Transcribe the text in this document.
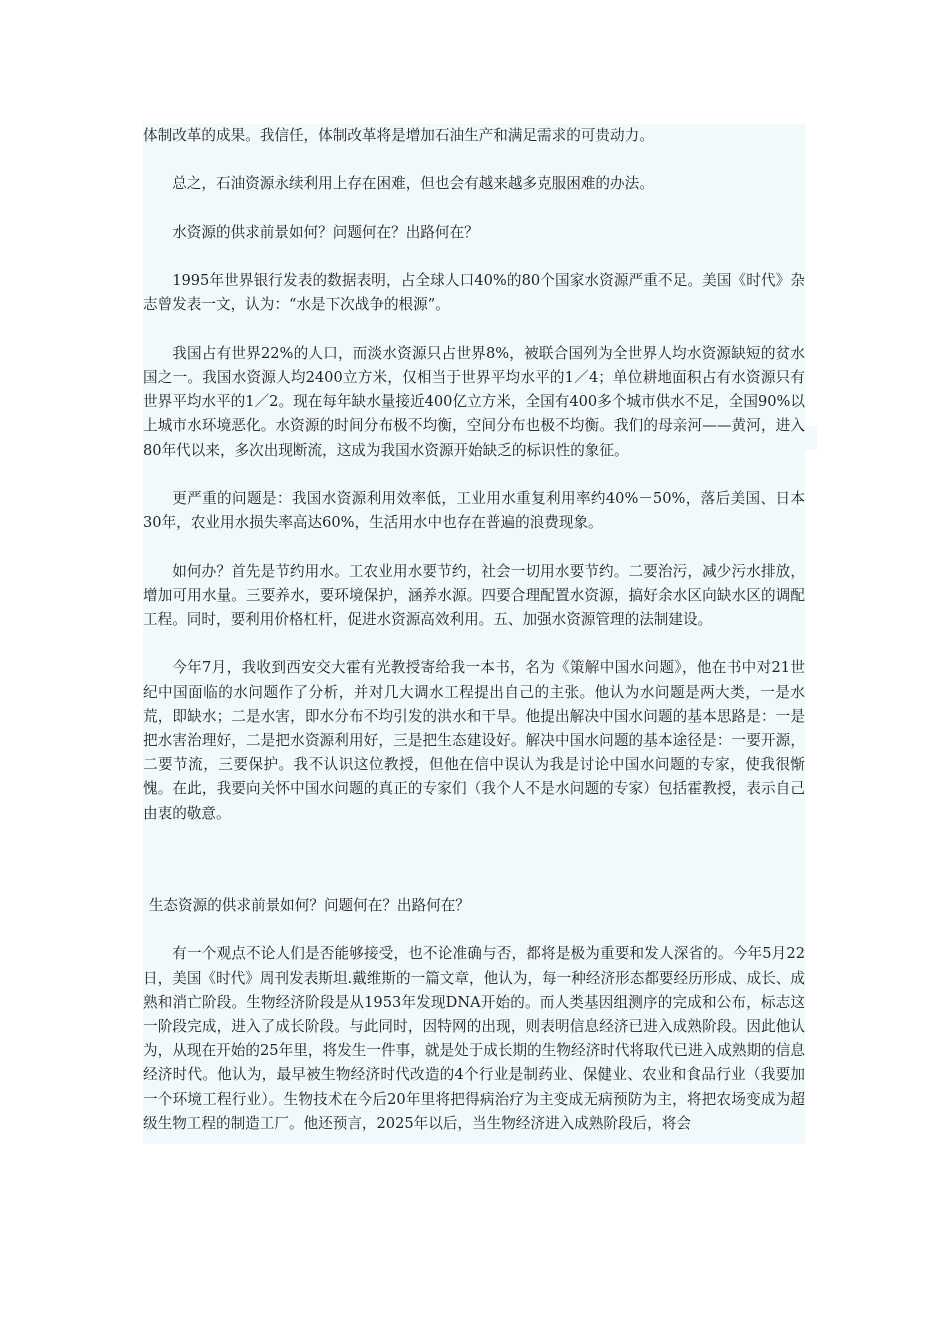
体制改革的成果。我信任，体制改革将是增加石油生产和满足需求的可贵动力。

总之，石油资源永续利用上存在困难，但也会有越来越多克服困难的办法。

水资源的供求前景如何？问题何在？出路何在？

1995年世界银行发表的数据表明，占全球人口40%的80个国家水资源严重不足。美国《时代》杂志曾发表一文，认为：“水是下次战争的根源”。

我国占有世界22%的人口，而淡水资源只占世界8%，被联合国列为全世界人均水资源缺短的贫水国之一。我国水资源人均2400立方米，仅相当于世界平均水平的1／4；单位耕地面积占有水资源只有世界平均水平的1／2。现在每年缺水量接近400亿立方米，全国有400多个城市供水不足，全国90%以上城市水环境恶化。水资源的时间分布极不均衡，空间分布也极不均衡。我们的母亲河——黄河，进入80年代以来，多次出现断流，这成为我国水资源开始缺乏的标识性的象征。

更严重的问题是：我国水资源利用效率低，工业用水重复利用率约40%－50%，落后美国、日本30年，农业用水损失率高达60%，生活用水中也存在普遍的浪费现象。

如何办？首先是节约用水。工农业用水要节约，社会一切用水要节约。二要治污，减少污水排放，增加可用水量。三要养水，要环境保护，涵养水源。四要合理配置水资源，搞好余水区向缺水区的调配工程。同时，要利用价格杠杆，促进水资源高效利用。五、加强水资源管理的法制建设。

今年7月，我收到西安交大霍有光教授寄给我一本书，名为《策解中国水问题》，他在书中对21世纪中国面临的水问题作了分析，并对几大调水工程提出自己的主张。他认为水问题是两大类，一是水荒，即缺水；二是水害，即水分布不均引发的洪水和干旱。他提出解决中国水问题的基本思路是：一是把水害治理好，二是把水资源利用好，三是把生态建设好。解决中国水问题的基本途径是：一要开源，二要节流，三要保护。我不认识这位教授，但他在信中误认为我是讨论中国水问题的专家，使我很惭愧。在此，我要向关怀中国水问题的真正的专家们（我个人不是水问题的专家）包括霍教授，表示自己由衷的敬意。

生态资源的供求前景如何？问题何在？出路何在？

有一个观点不论人们是否能够接受，也不论准确与否，都将是极为重要和发人深省的。今年5月22日，美国《时代》周刊发表斯坦.戴维斯的一篇文章，他认为，每一种经济形态都要经历形成、成长、成熟和消亡阶段。生物经济阶段是从1953年发现DNA开始的。而人类基因组测序的完成和公布，标志这一阶段完成，进入了成长阶段。与此同时，因特网的出现，则表明信息经济已进入成熟阶段。因此他认为，从现在开始的25年里，将发生一件事，就是处于成长期的生物经济时代将取代已进入成熟期的信息经济时代。他认为，最早被生物经济时代改造的4个行业是制药业、保健业、农业和食品行业（我要加一个环境工程行业）。生物技术在今后20年里将把得病治疗为主变成无病预防为主，将把农场变成为超级生物工程的制造工厂。他还预言，2025年以后，当生物经济进入成熟阶段后，将会
